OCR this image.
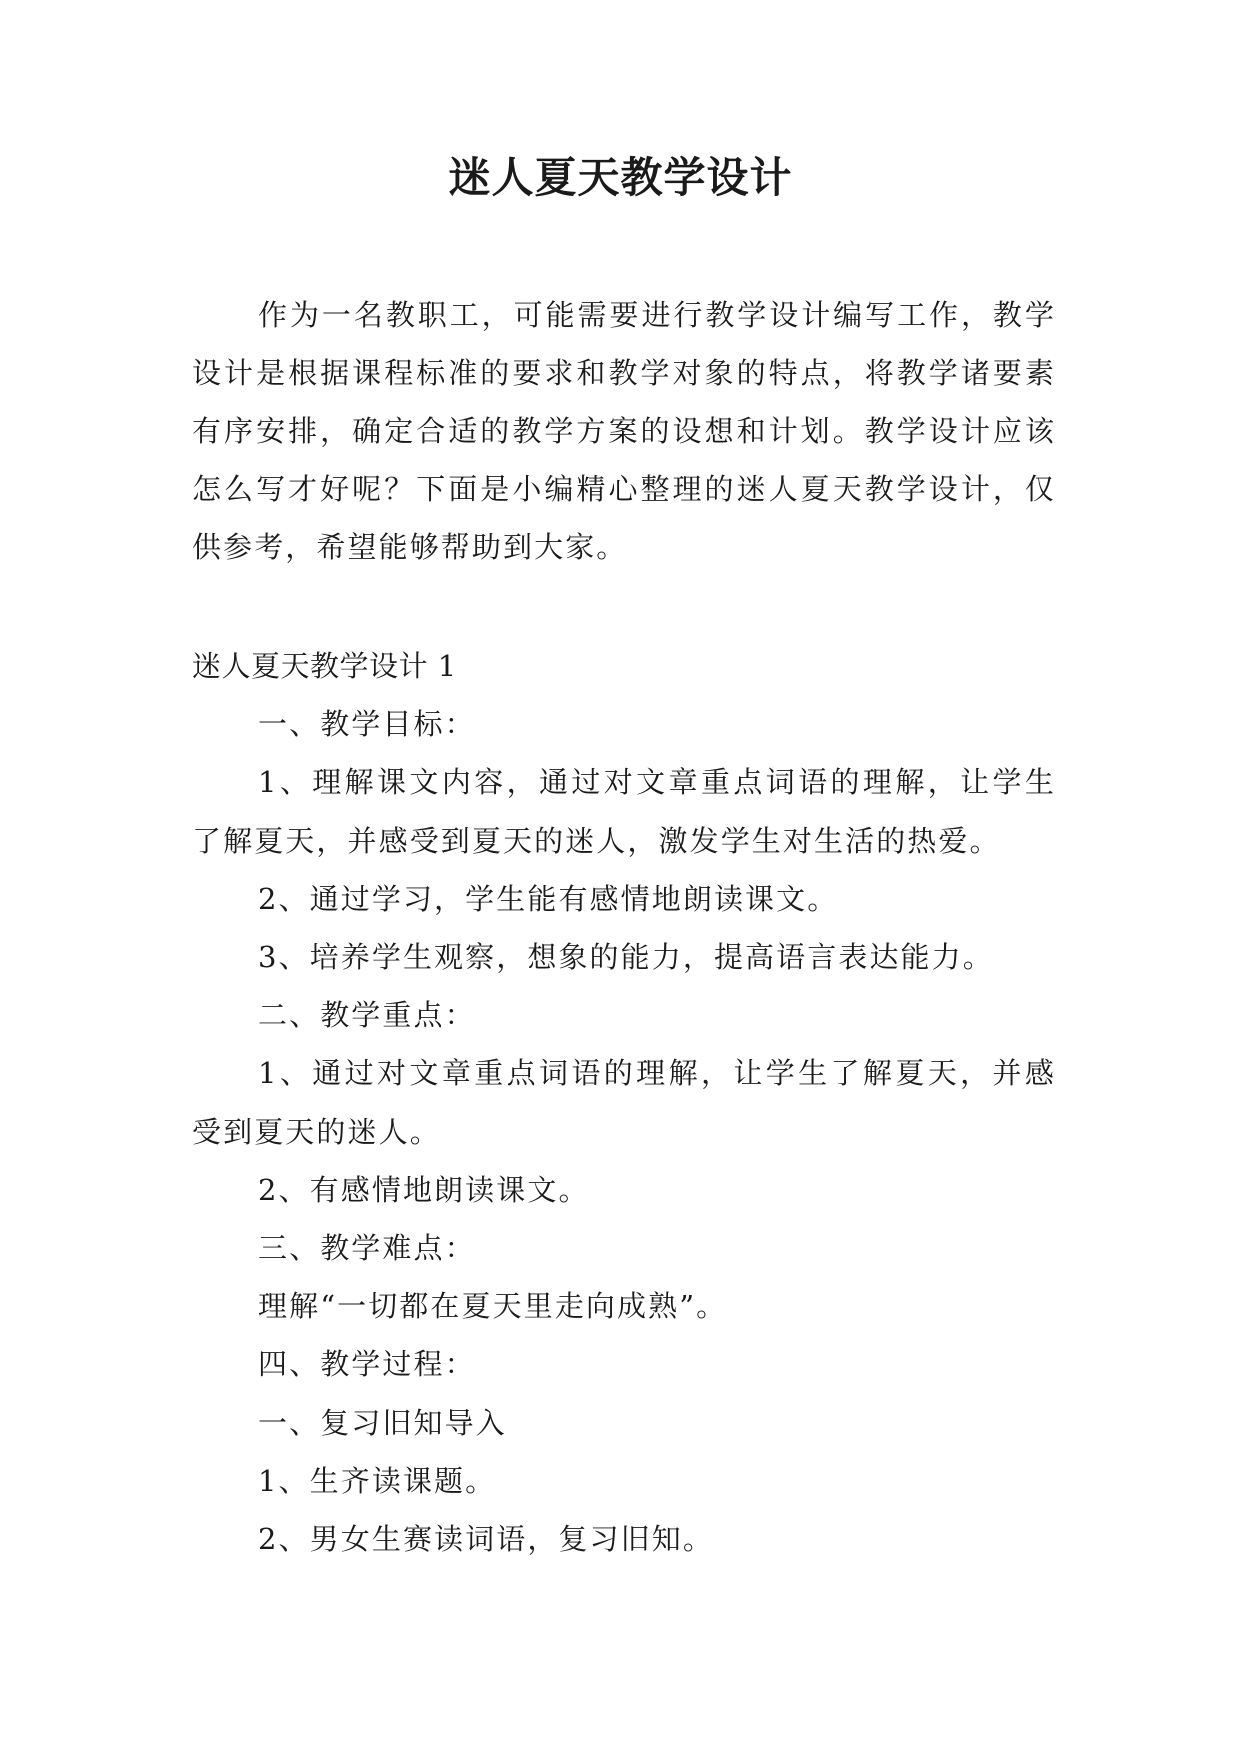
迷人夏天教学设计

作为一名教职工，可能需要进行教学设计编写工作，教学设计是根据课程标准的要求和教学对象的特点，将教学诸要素有序安排，确定合适的教学方案的设想和计划。教学设计应该怎么写才好呢？下面是小编精心整理的迷人夏天教学设计，仅供参考，希望能够帮助到大家。

迷人夏天教学设计 1

一、教学目标：

1、理解课文内容，通过对文章重点词语的理解，让学生了解夏天，并感受到夏天的迷人，激发学生对生活的热爱。

2、通过学习，学生能有感情地朗读课文。

3、培养学生观察，想象的能力，提高语言表达能力。

二、教学重点：

1、通过对文章重点词语的理解，让学生了解夏天，并感受到夏天的迷人。

2、有感情地朗读课文。

三、教学难点：

理解“一切都在夏天里走向成熟”。

四、教学过程：

一、复习旧知导入

1、生齐读课题。

2、男女生赛读词语，复习旧知。
